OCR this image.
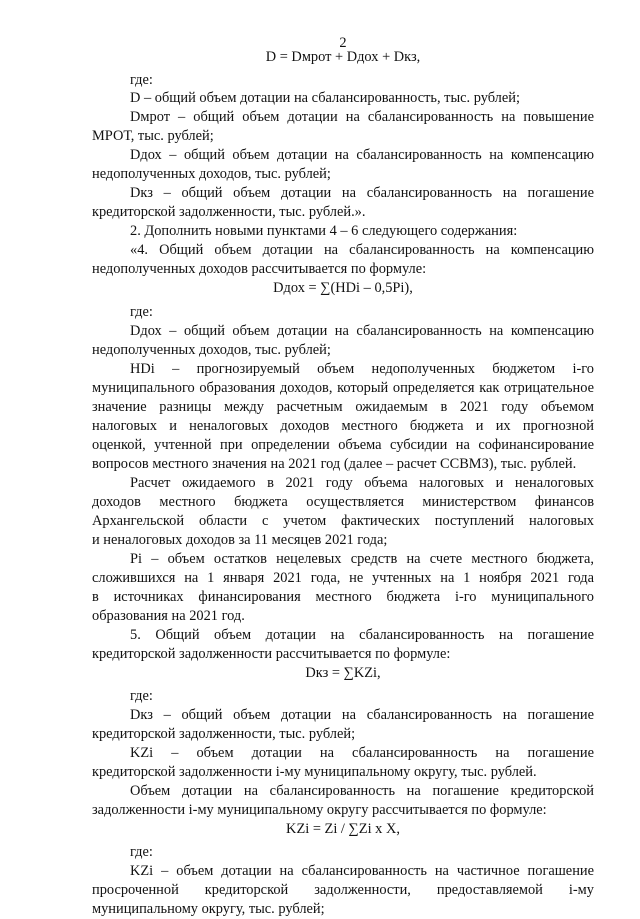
2
D = Dмрот + Dдох + Dкз,
где:
D – общий объем дотации на сбалансированность, тыс. рублей;
Dмрот – общий объем дотации на сбалансированность на повышение
МРОТ, тыс. рублей;
Dдох – общий объем дотации на сбалансированность на компенсацию
недополученных доходов, тыс. рублей;
Dкз – общий объем дотации на сбалансированность на погашение
кредиторской задолженности, тыс. рублей.».
2. Дополнить новыми пунктами 4 – 6 следующего содержания:
«4. Общий объем дотации на сбалансированность на компенсацию
недополученных доходов рассчитывается по формуле:
Dдох = ∑(HDi – 0,5Pi),
где:
Dдох – общий объем дотации на сбалансированность на компенсацию
недополученных доходов, тыс. рублей;
HDi – прогнозируемый объем недополученных бюджетом i-го
муниципального образования доходов, который определяется как отрицательное
значение разницы между расчетным ожидаемым в 2021 году объемом
налоговых и неналоговых доходов местного бюджета и их прогнозной
оценкой, учтенной при определении объема субсидии на софинансирование
вопросов местного значения на 2021 год (далее – расчет ССВМЗ), тыс. рублей.
Расчет ожидаемого в 2021 году объема налоговых и неналоговых
доходов местного бюджета осуществляется министерством финансов
Архангельской области с учетом фактических поступлений налоговых
и неналоговых доходов за 11 месяцев 2021 года;
Pi – объем остатков нецелевых средств на счете местного бюджета,
сложившихся на 1 января 2021 года, не учтенных на 1 ноября 2021 года
в источниках финансирования местного бюджета i-го муниципального
образования на 2021 год.
5. Общий объем дотации на сбалансированность на погашение
кредиторской задолженности рассчитывается по формуле:
Dкз = ∑KZi,
где:
Dкз – общий объем дотации на сбалансированность на погашение
кредиторской задолженности, тыс. рублей;
KZi – объем дотации на сбалансированность на погашение
кредиторской задолженности i-му муниципальному округу, тыс. рублей.
Объем дотации на сбалансированность на погашение кредиторской
задолженности i-му муниципальному округу рассчитывается по формуле:
KZi = Zi / ∑Zi x X,
где:
KZi – объем дотации на сбалансированность на частичное погашение
просроченной кредиторской задолженности, предоставляемой i-му
муниципальному округу, тыс. рублей;
